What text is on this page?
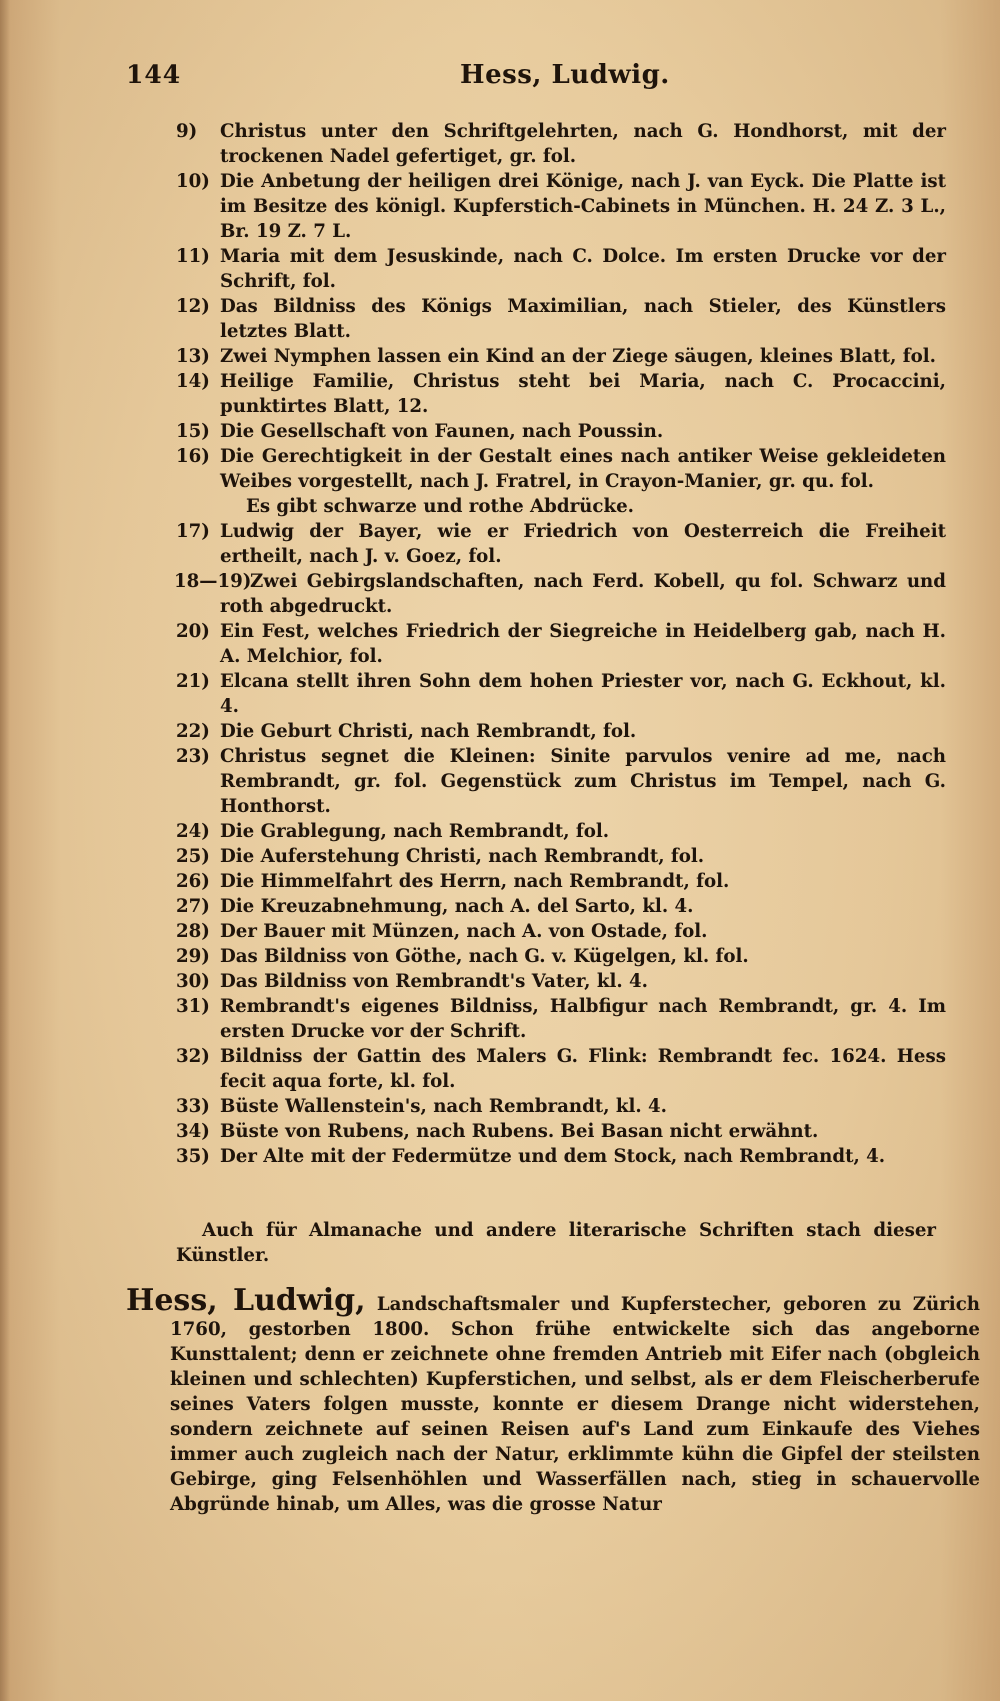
144	Hess, Ludwig.
9)	Christus unter den Schriftgelehrten, nach G. Hondhorst, mit der trockenen Nadel gefertiget, gr. fol.
10) Die Anbetung der heiligen drei Könige, nach J. van Eyck. Die Platte ist im Besitze des königl. Kupferstich-Cabinets in München. H. 24 Z. 3 L., Br. 19 Z. 7 L.
11) Maria mit dem Jesuskinde, nach C. Dolce. Im ersten Drucke vor der Schrift, fol.
12) Das Bildniss des Königs Maximilian, nach Stieler, des Künstlers letztes Blatt.
13) Zwei Nymphen lassen ein Kind an der Ziege säugen, kleines Blatt, fol.
14) Heilige Familie, Christus steht bei Maria, nach C. Procaccini, punktirtes Blatt, 12.
15) Die Gesellschaft von Faunen, nach Poussin.
16) Die Gerechtigkeit in der Gestalt eines nach antiker Weise gekleideten Weibes vorgestellt, nach J. Fratrel, in Crayon-Manier, gr. qu. fol.
Es gibt schwarze und rothe Abdrücke.
17) Ludwig der Bayer, wie er Friedrich von Oesterreich die Freiheit ertheilt, nach J. v. Goez, fol.
18—19)
Zwei Gebirgslandschaften, nach Ferd. Kobell, qu fol. Schwarz und roth abgedruckt.
20) Ein Fest, welches Friedrich der Siegreiche in Heidelberg gab, nach H. A. Melchior, fol.
21) Elcana stellt ihren Sohn dem hohen Priester vor, nach G. Eckhout, kl. 4.
22) Die Geburt Christi, nach Rembrandt, fol.
23) Christus segnet die Kleinen: Sinite parvulos venire ad me, nach Rembrandt, gr. fol. Gegenstück zum Christus im Tempel, nach G. Honthorst.
24) Die Grablegung, nach Rembrandt, fol.
25) Die Auferstehung Christi, nach Rembrandt, fol.
26) Die Himmelfahrt des Herrn, nach Rembrandt, fol.
27) Die Kreuzabnehmung, nach A. del Sarto, kl. 4.
28) Der Bauer mit Münzen, nach A. von Ostade, fol.
29) Das Bildniss von Göthe, nach G. v. Kügelgen, kl. fol.
30) Das Bildniss von Rembrandt's Vater, kl. 4.
31) Rembrandt's eigenes Bildniss, Halbfigur nach Rembrandt, gr. 4. Im ersten Drucke vor der Schrift.
32) Bildniss der Gattin des Malers G. Flink: Rembrandt fec. 1624. Hess fecit aqua forte, kl. fol.
33) Büste Wallenstein's, nach Rembrandt, kl. 4.
34) Büste von Rubens, nach Rubens. Bei Basan nicht erwähnt.
35) Der Alte mit der Federmütze und dem Stock, nach Rembrandt, 4.
Auch für Almanache und andere literarische Schriften stach dieser Künstler.
Hess, Ludwig, Landschaftsmaler und Kupferstecher, geboren zu Zürich 1760, gestorben 1800. Schon frühe entwickelte sich das angeborne Kunsttalent; denn er zeichnete ohne fremden Antrieb mit Eifer nach (obgleich kleinen und schlechten) Kupferstichen, und selbst, als er dem Fleischerberufe seines Vaters folgen musste, konnte er diesem Drange nicht widerstehen, sondern zeichnete auf seinen Reisen auf's Land zum Einkaufe des Viehes immer auch zugleich nach der Natur, erklimmte kühn die Gipfel der steilsten Gebirge, ging Felsenhöhlen und Wasserfällen nach, stieg in schauervolle Abgründe hinab, um Alles, was die grosse Natur
